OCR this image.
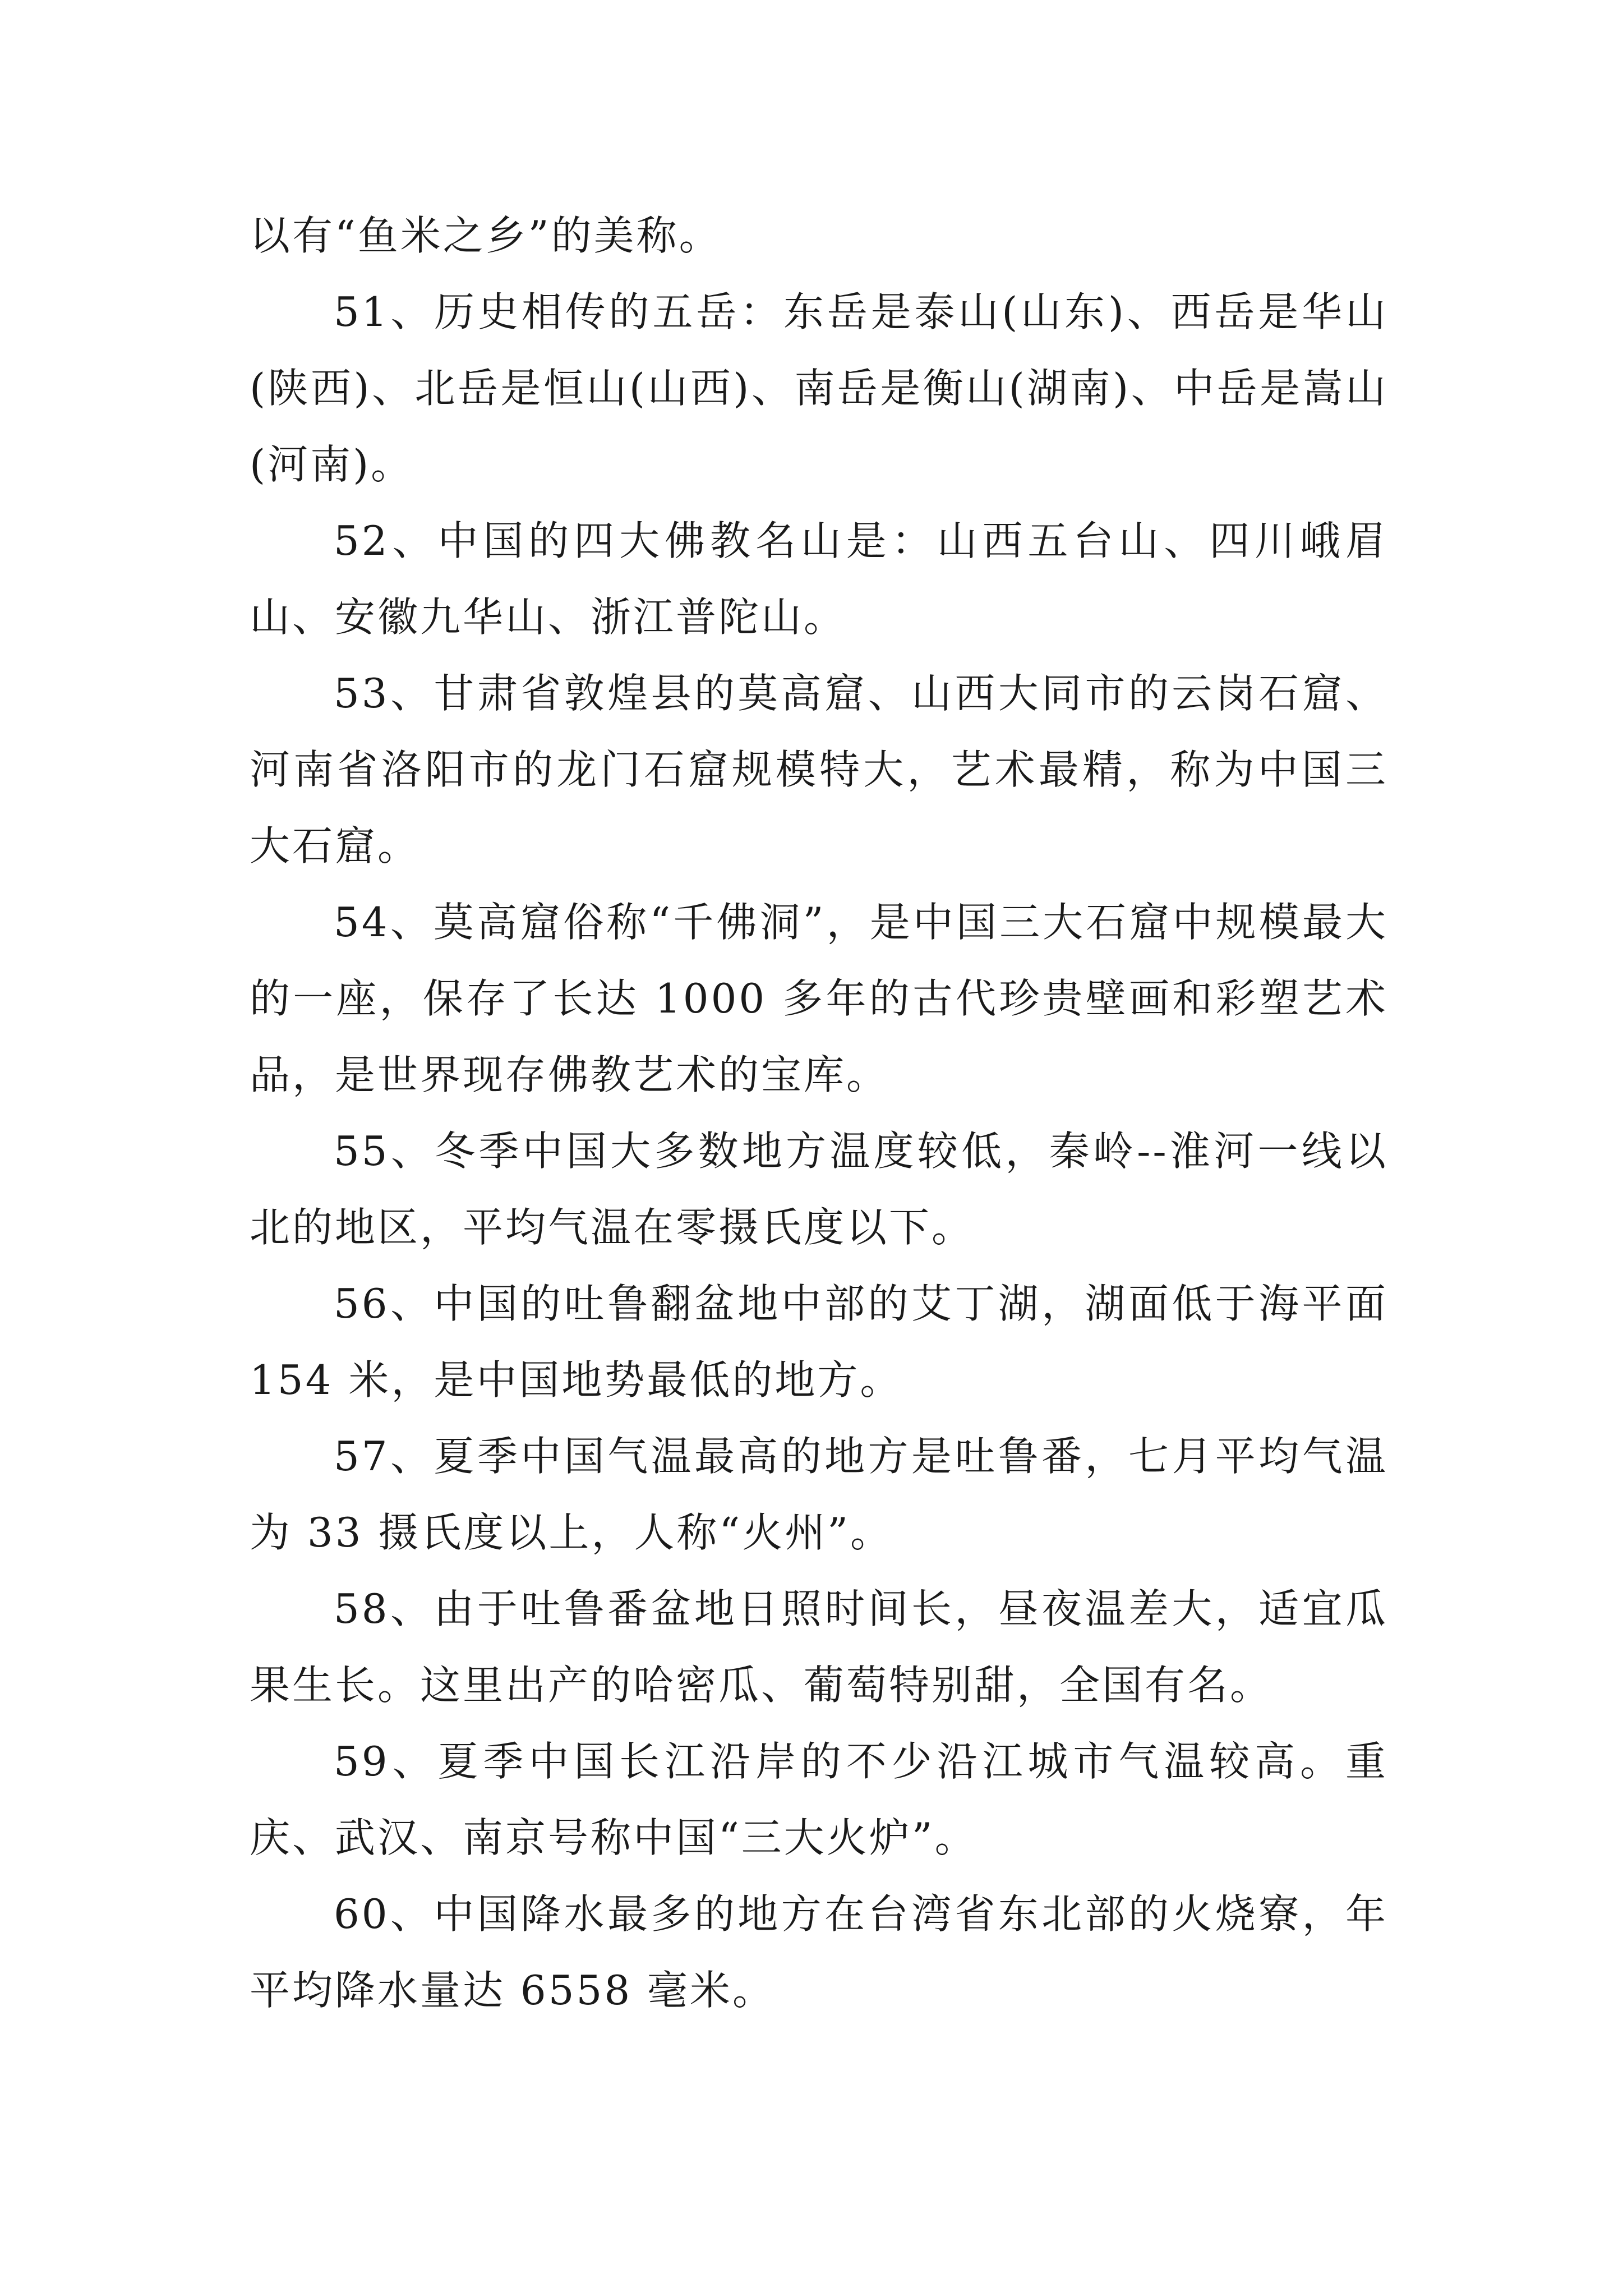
以有“鱼米之乡”的美称。

51、历史相传的五岳：东岳是泰山(山东)、西岳是华山(陕西)、北岳是恒山(山西)、南岳是衡山(湖南)、中岳是嵩山(河南)。

52、中国的四大佛教名山是：山西五台山、四川峨眉山、安徽九华山、浙江普陀山。

53、甘肃省敦煌县的莫高窟、山西大同市的云岗石窟、河南省洛阳市的龙门石窟规模特大，艺术最精，称为中国三大石窟。

54、莫高窟俗称“千佛洞”，是中国三大石窟中规模最大的一座，保存了长达 1000 多年的古代珍贵壁画和彩塑艺术品，是世界现存佛教艺术的宝库。

55、冬季中国大多数地方温度较低，秦岭--淮河一线以北的地区，平均气温在零摄氏度以下。

56、中国的吐鲁翻盆地中部的艾丁湖，湖面低于海平面 154 米，是中国地势最低的地方。

57、夏季中国气温最高的地方是吐鲁番，七月平均气温为 33 摄氏度以上，人称“火州”。

58、由于吐鲁番盆地日照时间长，昼夜温差大，适宜瓜果生长。这里出产的哈密瓜、葡萄特别甜，全国有名。

59、夏季中国长江沿岸的不少沿江城市气温较高。重庆、武汉、南京号称中国“三大火炉”。

60、中国降水最多的地方在台湾省东北部的火烧寮，年平均降水量达 6558 毫米。
